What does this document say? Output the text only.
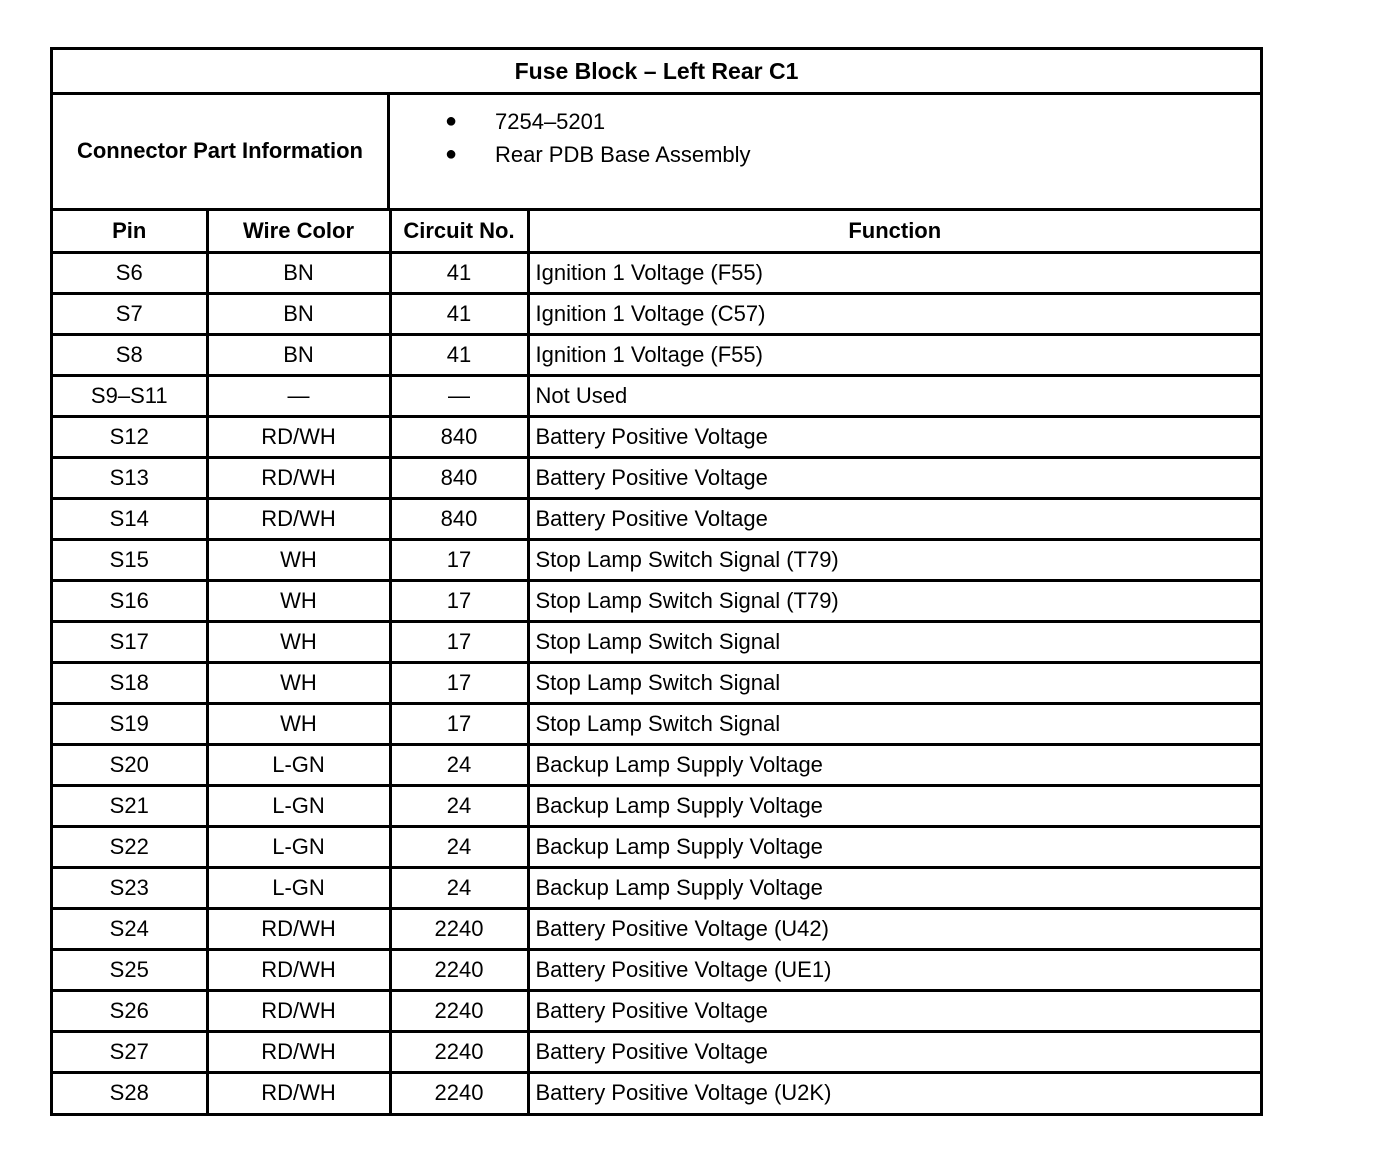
Fuse Block – Left Rear C1
Connector Part Information
●	7254–5201
●	Rear PDB Base Assembly
Pin	Wire Color	Circuit No.	Function
S6	BN	41	Ignition 1 Voltage (F55)
S7	BN	41	Ignition 1 Voltage (C57)
S8	BN	41	Ignition 1 Voltage (F55)
S9–S11	—	—	Not Used
S12	RD/WH	840	Battery Positive Voltage
S13	RD/WH	840	Battery Positive Voltage
S14	RD/WH	840	Battery Positive Voltage
S15	WH	17	Stop Lamp Switch Signal (T79)
S16	WH	17	Stop Lamp Switch Signal (T79)
S17	WH	17	Stop Lamp Switch Signal
S18	WH	17	Stop Lamp Switch Signal
S19	WH	17	Stop Lamp Switch Signal
S20	L-GN	24	Backup Lamp Supply Voltage
S21	L-GN	24	Backup Lamp Supply Voltage
S22	L-GN	24	Backup Lamp Supply Voltage
S23	L-GN	24	Backup Lamp Supply Voltage
S24	RD/WH	2240	Battery Positive Voltage (U42)
S25	RD/WH	2240	Battery Positive Voltage (UE1)
S26	RD/WH	2240	Battery Positive Voltage
S27	RD/WH	2240	Battery Positive Voltage
S28	RD/WH	2240	Battery Positive Voltage (U2K)
